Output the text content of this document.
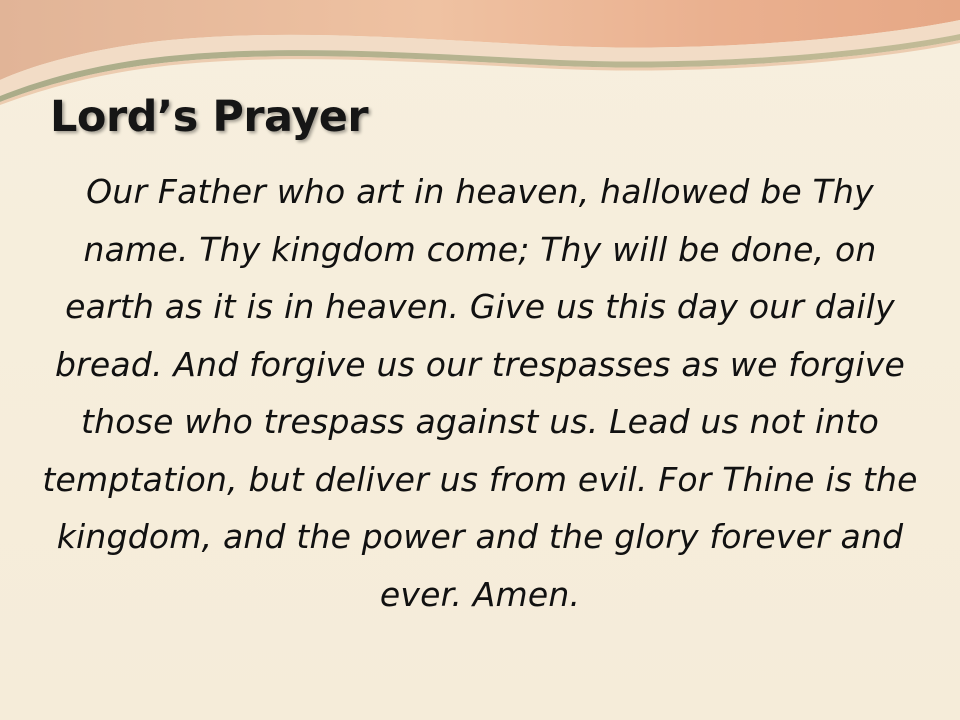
Lord’s Prayer

Our Father who art in heaven, hallowed be Thy name. Thy kingdom come; Thy will be done, on earth as it is in heaven. Give us this day our daily bread. And forgive us our trespasses as we forgive those who trespass against us. Lead us not into temptation, but deliver us from evil. For Thine is the kingdom, and the power and the glory forever and ever. Amen.
